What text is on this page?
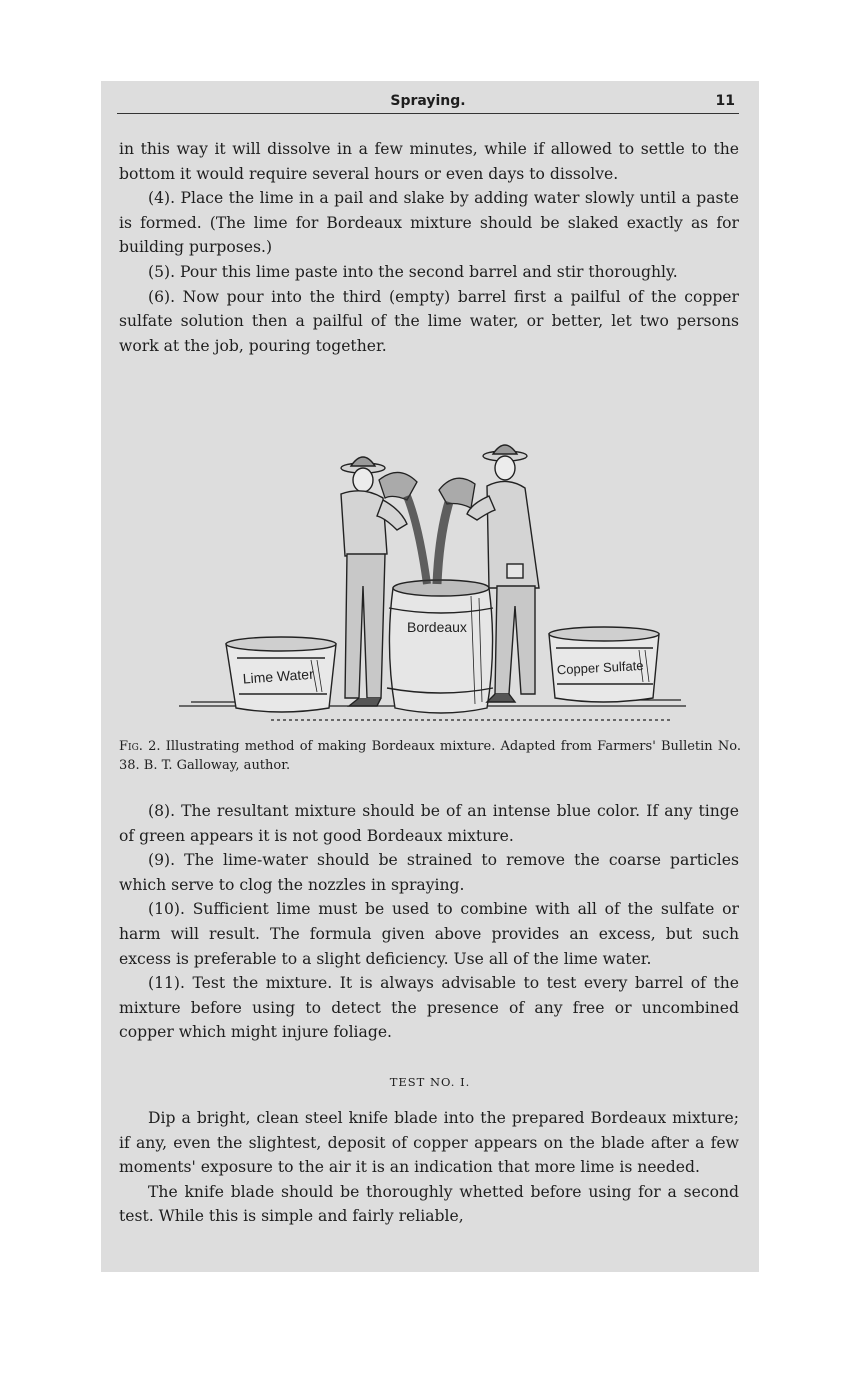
Spraying.	11

in this way it will dissolve in a few minutes, while if allowed to settle to the bottom it would require several hours or even days to dissolve.

(4). Place the lime in a pail and slake by adding water slowly until a paste is formed. (The lime for Bordeaux mixture should be slaked exactly as for building purposes.)

(5). Pour this lime paste into the second barrel and stir thoroughly.

(6). Now pour into the third (empty) barrel first a pailful of the copper sulfate solution then a pailful of the lime water, or better, let two persons work at the job, pouring together.

Lime Water
Bordeaux
Copper Sulfate
Fig. 2. Illustrating method of making Bordeaux mixture. Adapted from Farmers' Bulletin No. 38. B. T. Galloway, author.

(8). The resultant mixture should be of an intense blue color. If any tinge of green appears it is not good Bordeaux mixture.

(9). The lime-water should be strained to remove the coarse particles which serve to clog the nozzles in spraying.

(10). Sufficient lime must be used to combine with all of the sulfate or harm will result. The formula given above provides an excess, but such excess is preferable to a slight deficiency. Use all of the lime water.

(11). Test the mixture. It is always advisable to test every barrel of the mixture before using to detect the presence of any free or uncombined copper which might injure foliage.

TEST NO. I.

Dip a bright, clean steel knife blade into the prepared Bordeaux mixture; if any, even the slightest, deposit of copper appears on the blade after a few moments' exposure to the air it is an indication that more lime is needed.

The knife blade should be thoroughly whetted before using for a second test. While this is simple and fairly reliable,
